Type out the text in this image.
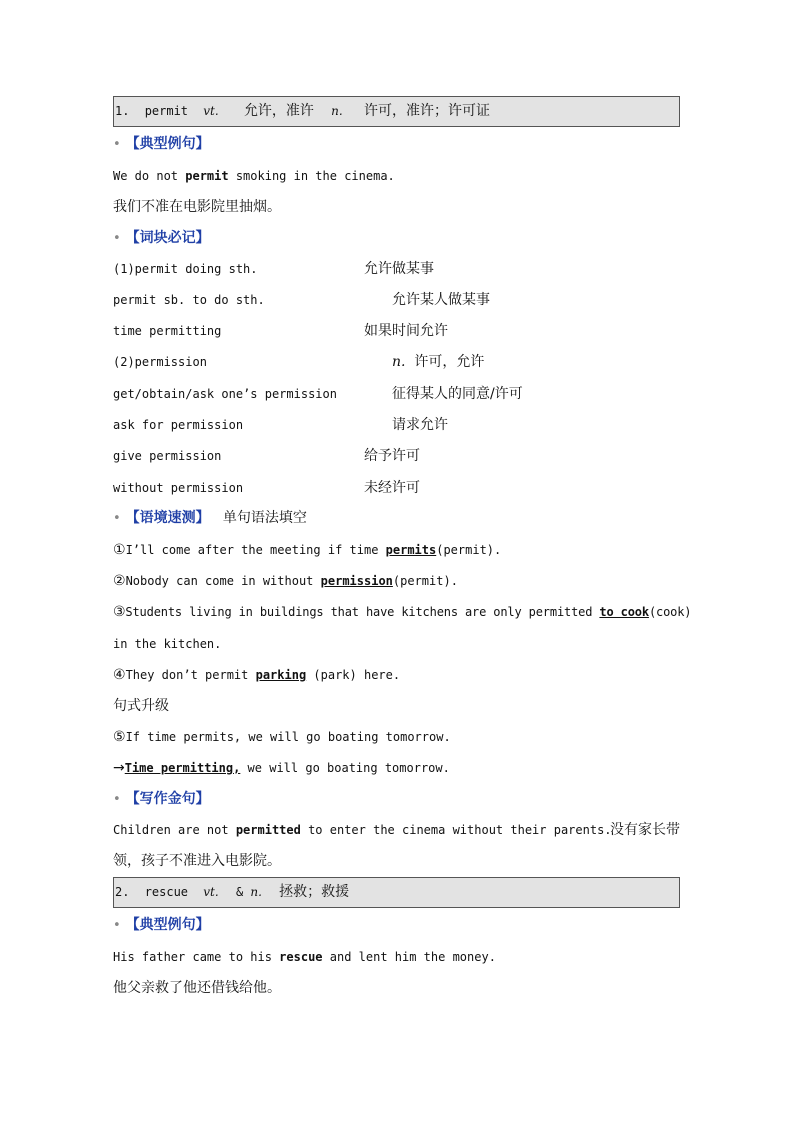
1. permit vt. 允许，准许 n. 许可，准许；许可证
• 【典型例句】
We do not permit smoking in the cinema.
我们不准在电影院里抽烟。
• 【词块必记】
(1)permit doing sth.	允许做某事
permit sb. to do sth.	允许某人做某事
time permitting	如果时间允许
(2)permission	n. 许可，允许
get/obtain/ask one’s permission	征得某人的同意/许可
ask for permission	请求允许
give permission	给予许可
without permission	未经许可
• 【语境速测】 单句语法填空
①I’ll come after the meeting if time permits(permit).
②Nobody can come in without permission(permit).
③Students living in buildings that have kitchens are only permitted to cook(cook)
in the kitchen.
④They don’t permit parking (park) here.
句式升级
⑤If time permits, we will go boating tomorrow.
→Time permitting, we will go boating tomorrow.
• 【写作金句】
Children are not permitted to enter the cinema without their parents.
没有家长带
领，孩子不准进入电影院。
2. rescue vt. & n. 拯救；救援
• 【典型例句】
His father came to his rescue and lent him the money.
他父亲救了他还借钱给他。
